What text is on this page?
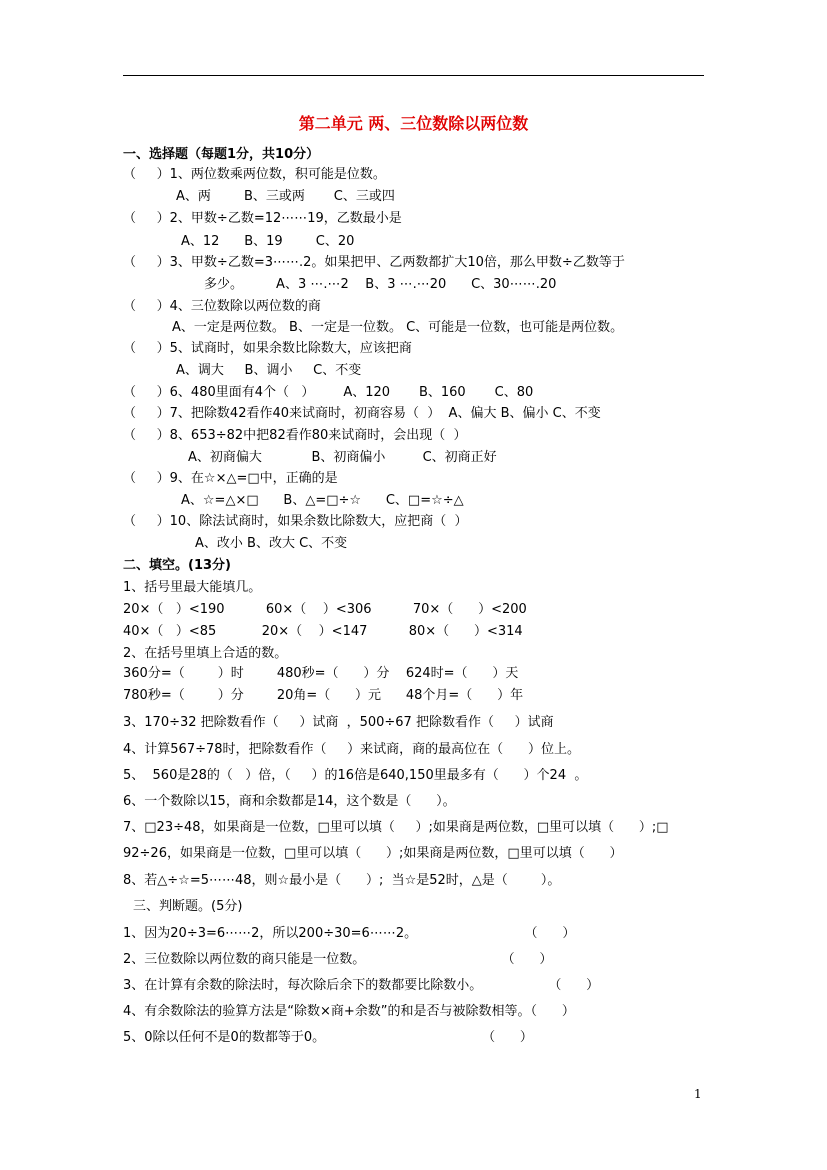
第二单元 两、三位数除以两位数
一、选择题（每题1分，共10分）
（     ）1、两位数乘两位数，积可能是位数。
A、两        B、三或两       C、三或四
（     ）2、甲数÷乙数=12⋯⋯19，乙数最小是
A、12      B、19        C、20
（     ）3、甲数÷乙数=3⋯⋯.2。如果把甲、乙两数都扩大10倍，那么甲数÷乙数等于
多少。        A、3 ⋯.⋯2    B、3 ⋯.⋯20      C、30⋯⋯.20
（     ）4、三位数除以两位数的商
A、一定是两位数。 B、一定是一位数。 C、可能是一位数，也可能是两位数。
（     ）5、试商时，如果余数比除数大，应该把商
A、调大     B、调小     C、不变
（     ）6、480里面有4个（   ）       A、120       B、160       C、80
（     ）7、把除数42看作40来试商时，初商容易（  ）  A、偏大 B、偏小 C、不变
（     ）8、653÷82中把82看作80来试商时，会出现（  ）
A、初商偏大            B、初商偏小         C、初商正好
（     ）9、在☆×△=□中，正确的是
A、☆=△×□      B、△=□÷☆      C、□=☆÷△
（     ）10、除法试商时，如果余数比除数大，应把商（  ）
A、改小 B、改大 C、不变
二、填空。(13分)
1、括号里最大能填几。
20×（   ）<190          60×（    ）<306          70×（      ）<200
40×（   ）<85           20×（    ）<147          80×（      ）<314
2、在括号里填上合适的数。
360分=（        ）时        480秒=（      ）分    624时=（      ）天
780秒=（        ）分        20角=（      ）元      48个月=（      ）年
3、170÷32 把除数看作（     ）试商  ，500÷67 把除数看作（     ）试商
4、计算567÷78时，把除数看作（     ）来试商，商的最高位在（      ）位上。
5、  560是28的（   ）倍，（     ）的16倍是640,150里最多有（      ）个24  。
6、一个数除以15，商和余数都是14，这个数是（      ）。
7、□23÷48，如果商是一位数，□里可以填（     ）;如果商是两位数，□里可以填（      ）;□
92÷26，如果商是一位数，□里可以填（      ）;如果商是两位数，□里可以填（      ）
8、若△÷☆=5⋯⋯48，则☆最小是（      ）;  当☆是52时，△是（        ）。
三、判断题。(5分)
1、因为20÷3=6⋯⋯2，所以200÷30=6⋯⋯2。                          （      ）
2、三位数除以两位数的商只能是一位数。                                 （      ）
3、在计算有余数的除法时，每次除后余下的数都要比除数小。                （      ）
4、有余数除法的验算方法是“除数×商+余数”的和是否与被除数相等。（      ）
5、0除以任何不是0的数都等于0。                                      （      ）
1
